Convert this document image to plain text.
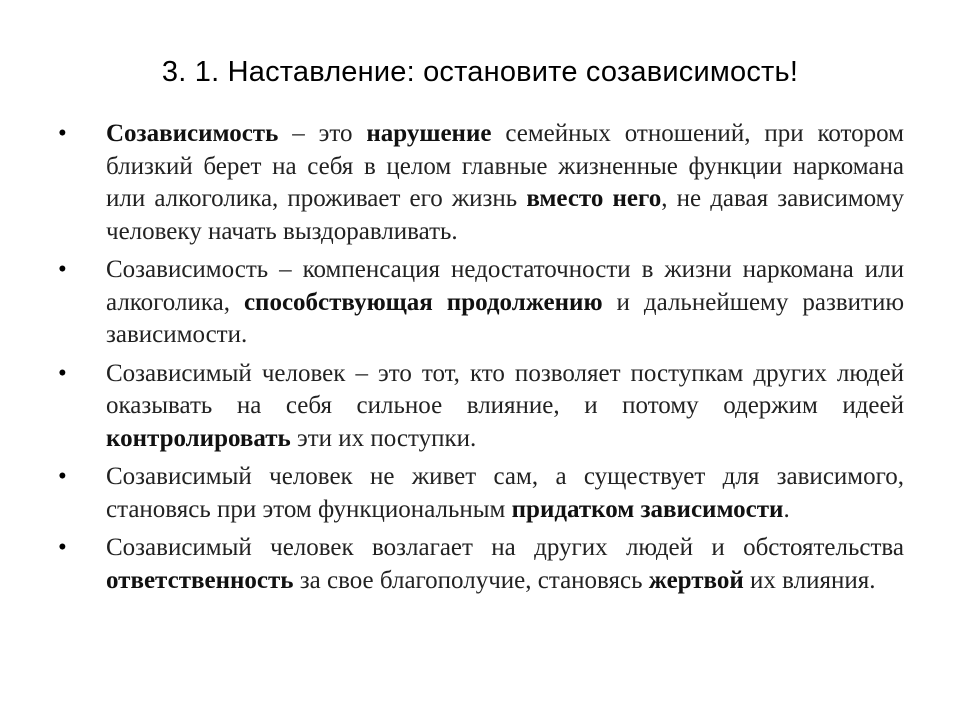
3. 1. Наставление: остановите созависимость!
• Созависимость – это нарушение семейных отношений, при котором близкий берет на себя в целом главные жизненные функции наркомана или алкоголика, проживает его жизнь вместо него, не давая зависимому человеку начать выздоравливать.
• Созависимость – компенсация недостаточности в жизни наркомана или алкоголика, способствующая продолжению и дальнейшему развитию зависимости.
• Созависимый человек – это тот, кто позволяет поступкам других людей оказывать на себя сильное влияние, и потому одержим идеей контролировать эти их поступки.
• Созависимый человек не живет сам, а существует для зависимого, становясь при этом функциональным придатком зависимости.
• Созависимый человек возлагает на других людей и обстоятельства ответственность за свое благополучие, становясь жертвой их влияния.
